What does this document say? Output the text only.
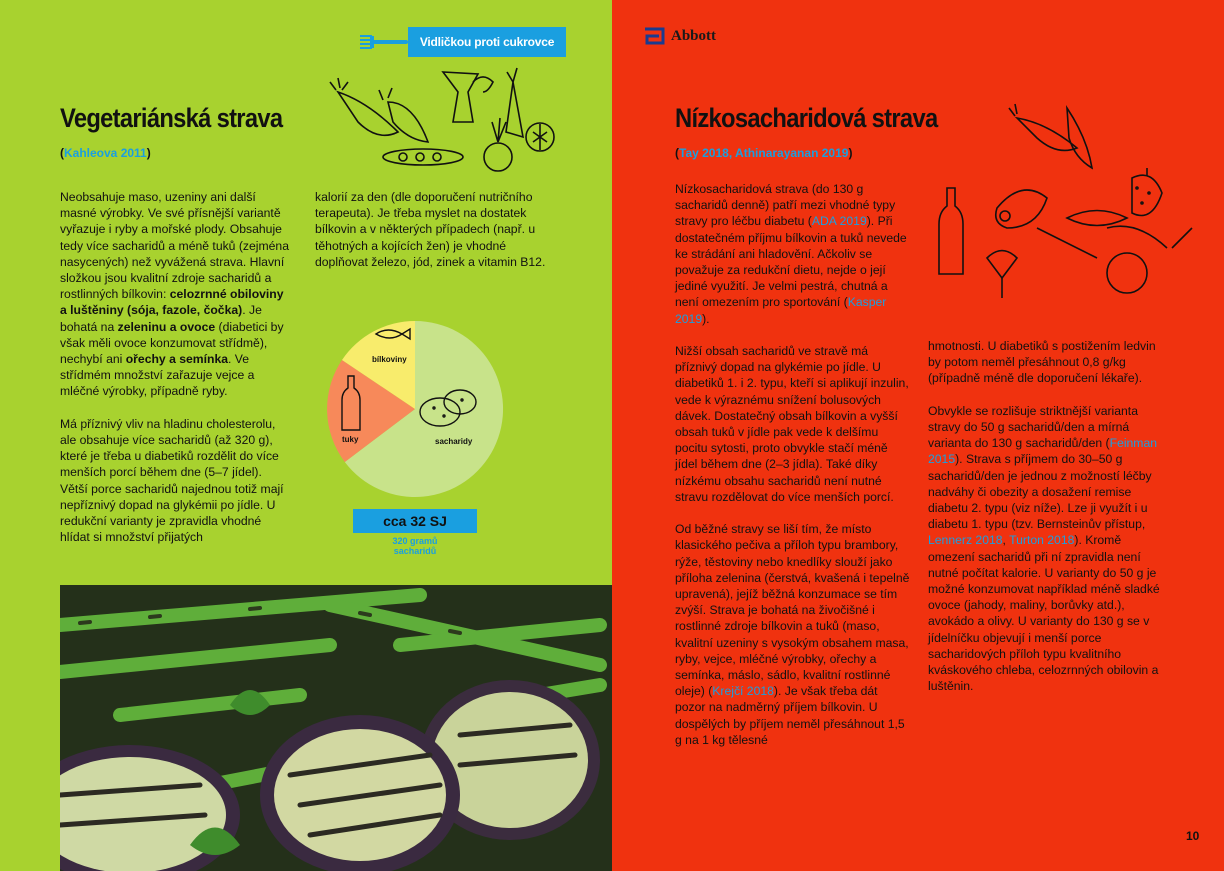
Vidličkou proti cukrovce
Vegetariánská strava
(Kahleova 2011)

Neobsahuje maso, uzeniny ani další masné výrobky. Ve své přísnější variantě vyřazuje i ryby a mořské plody. Obsahuje tedy více sacharidů a méně tuků (zejména nasycených) než vyvážená strava. Hlavní složkou jsou kvalitní zdroje sacharidů a rostlinných bílkovin: celozrnné obiloviny a luštěniny (sója, fazole, čočka). Je bohatá na zeleninu a ovoce (diabetici by však měli ovoce konzumovat střídmě), nechybí ani ořechy a semínka. Ve střídmém množství zařazuje vejce a mléčné výrobky, případně ryby.

Má příznivý vliv na hladinu cholesterolu, ale obsahuje více sacharidů (až 320 g), které je třeba u diabetiků rozdělit do více menších porcí během dne (5–7 jídel). Větší porce sacharidů najednou totiž mají nepříznivý dopad na glykémii po jídle. U redukční varianty je zpravidla vhodné hlídat si množství přijatých

kalorií za den (dle doporučení nutričního terapeuta). Je třeba myslet na dostatek bílkovin a v některých případech (např. u těhotných a kojících žen) je vhodné doplňovat železo, jód, zinek a vitamin B12.

bílkoviny
tuky	sacharidy
cca 32 SJ
320 gramů
sacharidů
Abbott
Nízkosacharidová strava
(Tay 2018, Athinarayanan 2019)

Nízkosacharidová strava (do 130 g sacharidů denně) patří mezi vhodné typy stravy pro léčbu diabetu (ADA 2019). Při dostatečném příjmu bílkovin a tuků nevede ke strádání ani hladovění. Ačkoliv se považuje za redukční dietu, nejde o její jediné využití. Je velmi pestrá, chutná a není omezením pro sportování (Kasper 2019).

Nižší obsah sacharidů ve stravě má příznivý dopad na glykémie po jídle. U diabetiků 1. i 2. typu, kteří si aplikují inzulin, vede k výraznému snížení bolusových dávek. Dostatečný obsah bílkovin a vyšší obsah tuků v jídle pak vede k delšímu pocitu sytosti, proto obvykle stačí méně jídel během dne (2–3 jídla). Také díky nízkému obsahu sacharidů není nutné stravu rozdělovat do více menších porcí.

Od běžné stravy se liší tím, že místo klasického pečiva a příloh typu brambory, rýže, těstoviny nebo knedlíky slouží jako příloha zelenina (čerstvá, kvašená i tepelně upravená), jejíž běžná konzumace se tím zvýší. Strava je bohatá na živočišné i rostlinné zdroje bílkovin a tuků (maso, kvalitní uzeniny s vysokým obsahem masa, ryby, vejce, mléčné výrobky, ořechy a semínka, máslo, sádlo, kvalitní rostlinné oleje) (Krejčí 2018). Je však třeba dát pozor na nadměrný příjem bílkovin. U dospělých by příjem neměl přesáhnout 1,5 g na 1 kg tělesné

hmotnosti. U diabetiků s postižením ledvin by potom neměl přesáhnout 0,8 g/kg (případně méně dle doporučení lékaře).

Obvykle se rozlišuje striktnější varianta stravy do 50 g sacharidů/den a mírná varianta do 130 g sacharidů/den (Feinman 2015). Strava s příjmem do 30–50 g sacharidů/den je jednou z možností léčby nadváhy či obezity a dosažení remise diabetu 2. typu (viz níže). Lze ji využít i u diabetu 1. typu (tzv. Bernsteinův přístup, Lennerz 2018, Turton 2018). Kromě omezení sacharidů při ní zpravidla není nutné počítat kalorie. U varianty do 50 g je možné konzumovat například méně sladké ovoce (jahody, maliny, borůvky atd.), avokádo a olivy. U varianty do 130 g se v jídelníčku objevují i menší porce sacharidových příloh typu kvalitního kváskového chleba, celozrnných obilovin a luštěnin.

10
